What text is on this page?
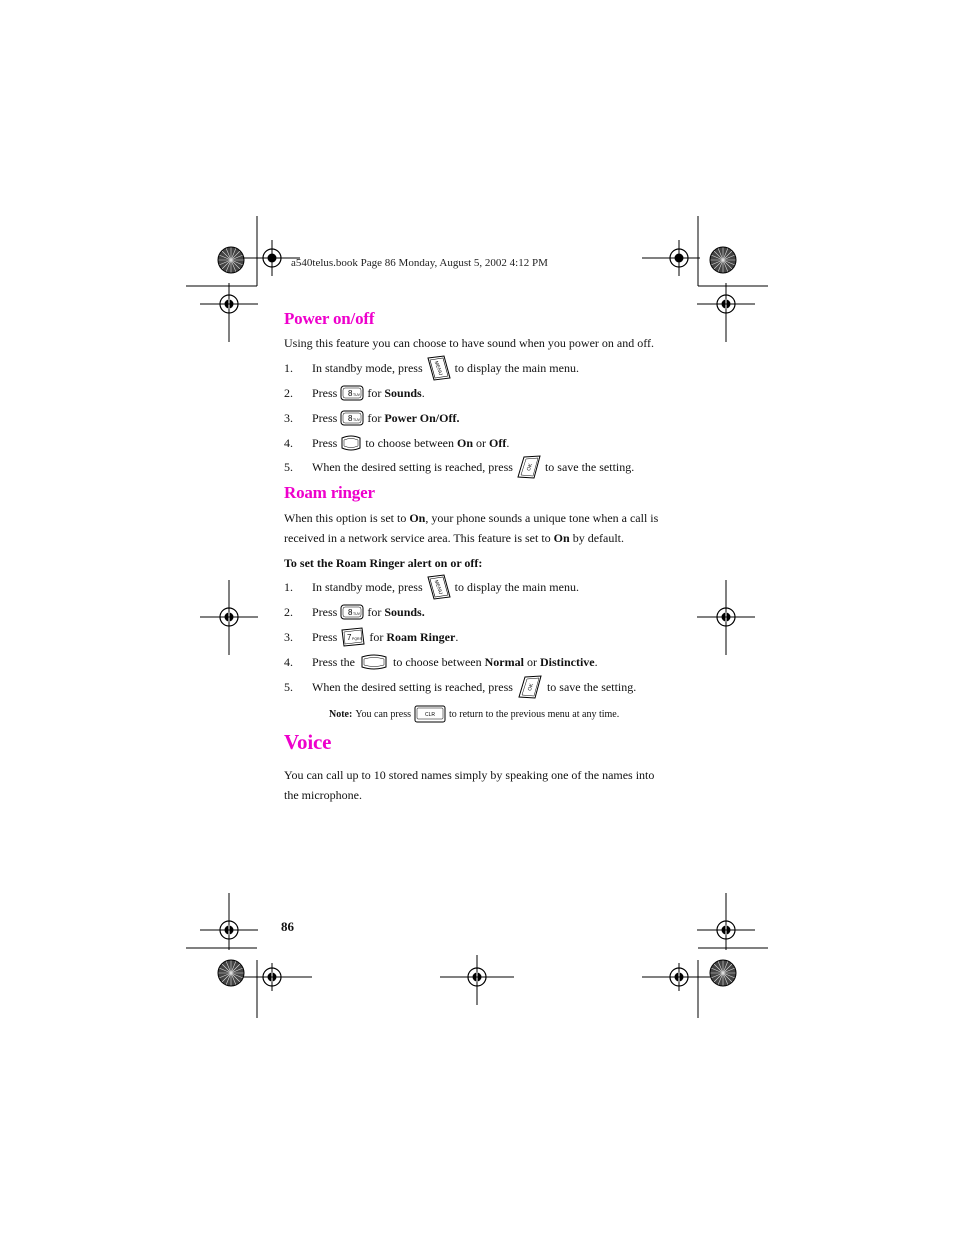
a540telus.book Page 86 Monday, August 5, 2002 4:12 PM
Power on/off
Using this feature you can choose to have sound when you power on and off.
1.	In standby mode, press MENU to display the main menu.
2.	Press 8 TUV for
Sounds .
3.	Press 8 TUV for
Power On/Off.
4.	Press to choose between
On
or
Off .
5.	When the desired setting is reached, press	OK to save the setting.
Roam ringer
When this option is set to On, your phone sounds a unique tone when a call is received in a network service area. This feature is set to On by default.
To set the Roam Ringer alert on or off:
1.	In standby mode, press MENU to display the main menu.
2.	Press 8 TUV for
Sounds.
3.	Press 7 PQRS for
Roam Ringer .
4.	Press the	to choose between
Normal
or
Distinctive .
5.	When the desired setting is reached, press	OK to save the setting.
Note: You can press	CLR to return to the previous menu at any time.
Voice
You can call up to 10 stored names simply by speaking one of the names into the microphone.
86
